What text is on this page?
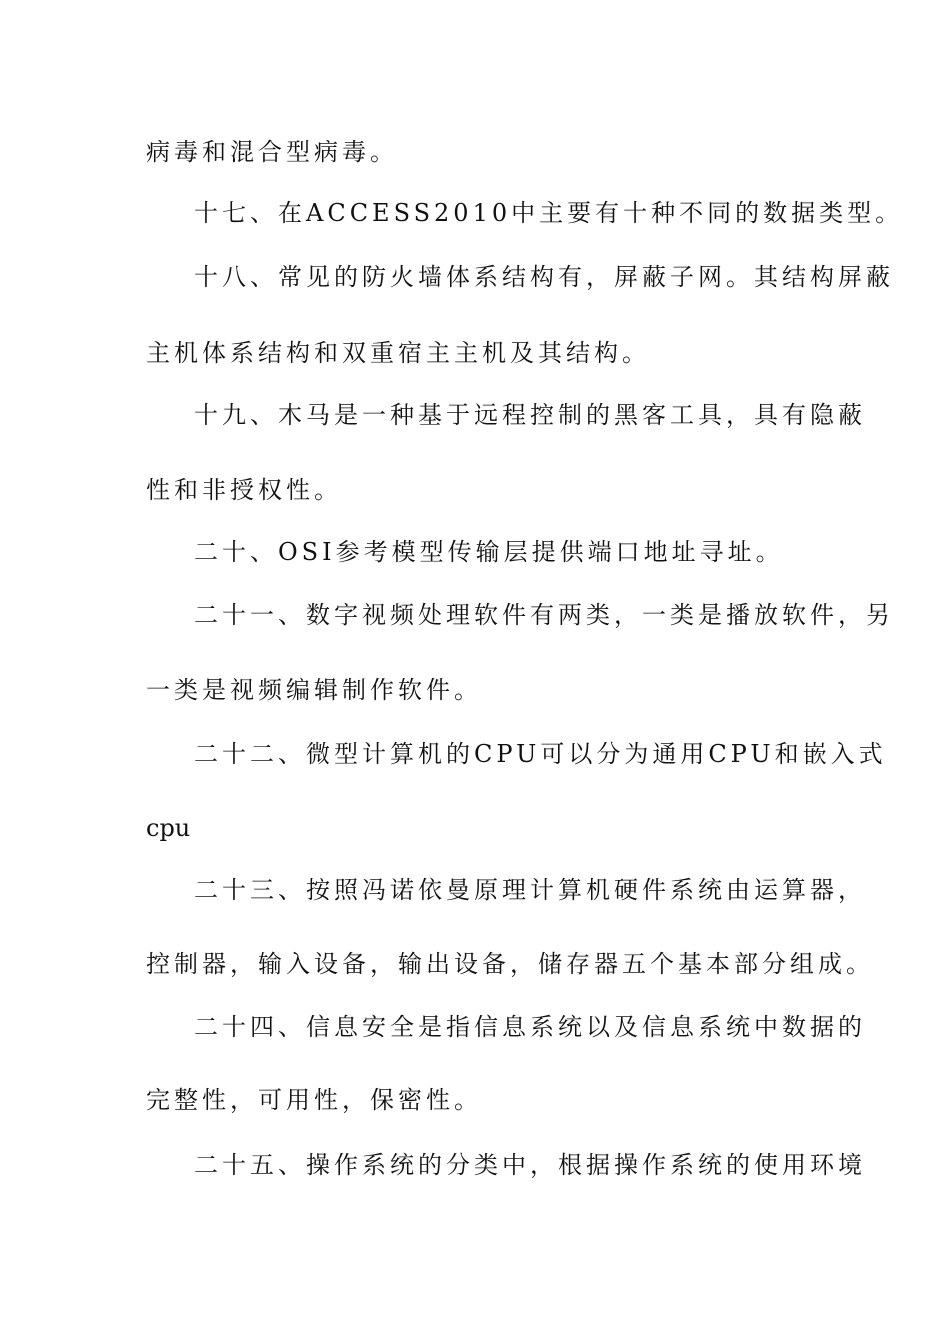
病毒和混合型病毒。
十七、在ACCESS2010中主要有十种不同的数据类型。
十八、常见的防火墙体系结构有，屏蔽子网。其结构屏蔽
主机体系结构和双重宿主主机及其结构。
十九、木马是一种基于远程控制的黑客工具，具有隐蔽
性和非授权性。
二十、OSI参考模型传输层提供端口地址寻址。
二十一、数字视频处理软件有两类，一类是播放软件，另
一类是视频编辑制作软件。
二十二、微型计算机的CPU可以分为通用CPU和嵌入式
cpu
二十三、按照冯诺依曼原理计算机硬件系统由运算器，
控制器，输入设备，输出设备，储存器五个基本部分组成。
二十四、信息安全是指信息系统以及信息系统中数据的
完整性，可用性，保密性。
二十五、操作系统的分类中，根据操作系统的使用环境
